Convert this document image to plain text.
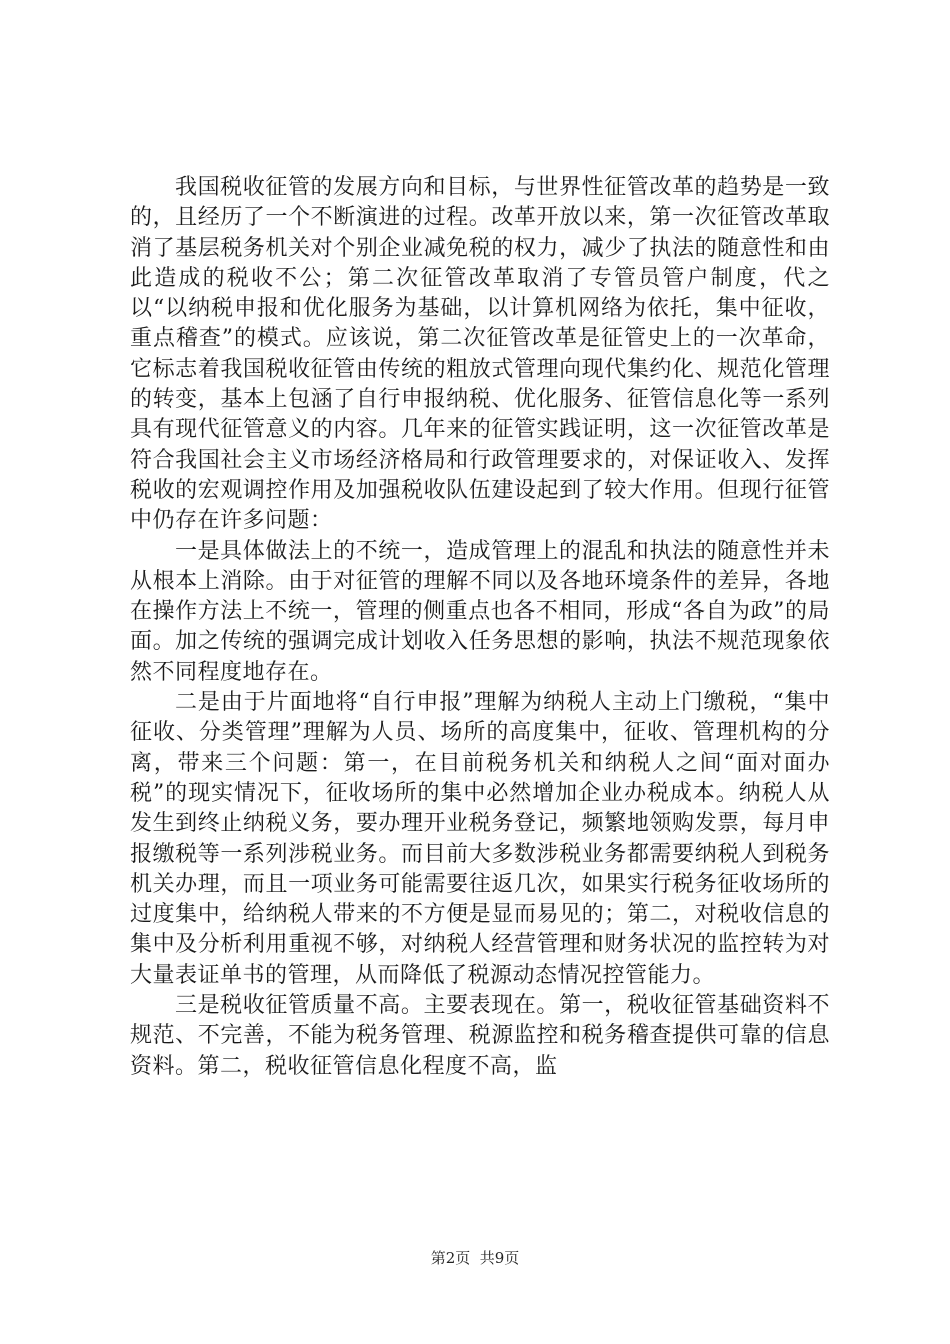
我国税收征管的发展方向和目标，与世界性征管改革的趋势是一致的，且经历了一个不断演进的过程。改革开放以来，第一次征管改革取消了基层税务机关对个别企业减免税的权力，减少了执法的随意性和由此造成的税收不公；第二次征管改革取消了专管员管户制度，代之以“以纳税申报和优化服务为基础，以计算机网络为依托，集中征收，重点稽查”的模式。应该说，第二次征管改革是征管史上的一次革命，它标志着我国税收征管由传统的粗放式管理向现代集约化、规范化管理的转变，基本上包涵了自行申报纳税、优化服务、征管信息化等一系列具有现代征管意义的内容。几年来的征管实践证明，这一次征管改革是符合我国社会主义市场经济格局和行政管理要求的，对保证收入、发挥税收的宏观调控作用及加强税收队伍建设起到了较大作用。但现行征管中仍存在许多问题：

一是具体做法上的不统一，造成管理上的混乱和执法的随意性并未从根本上消除。由于对征管的理解不同以及各地环境条件的差异，各地在操作方法上不统一，管理的侧重点也各不相同，形成“各自为政”的局面。加之传统的强调完成计划收入任务思想的影响，执法不规范现象依然不同程度地存在。

二是由于片面地将“自行申报”理解为纳税人主动上门缴税，“集中征收、分类管理”理解为人员、场所的高度集中，征收、管理机构的分离，带来三个问题：第一，在目前税务机关和纳税人之间“面对面办税”的现实情况下，征收场所的集中必然增加企业办税成本。纳税人从发生到终止纳税义务，要办理开业税务登记，频繁地领购发票，每月申报缴税等一系列涉税业务。而目前大多数涉税业务都需要纳税人到税务机关办理，而且一项业务可能需要往返几次，如果实行税务征收场所的过度集中，给纳税人带来的不方便是显而易见的；第二，对税收信息的集中及分析利用重视不够，对纳税人经营管理和财务状况的监控转为对大量表证单书的管理，从而降低了税源动态情况控管能力。

三是税收征管质量不高。主要表现在。第一，税收征管基础资料不规范、不完善，不能为税务管理、税源监控和税务稽查提供可靠的信息资料。第二，税收征管信息化程度不高，监

第2页  共9页
